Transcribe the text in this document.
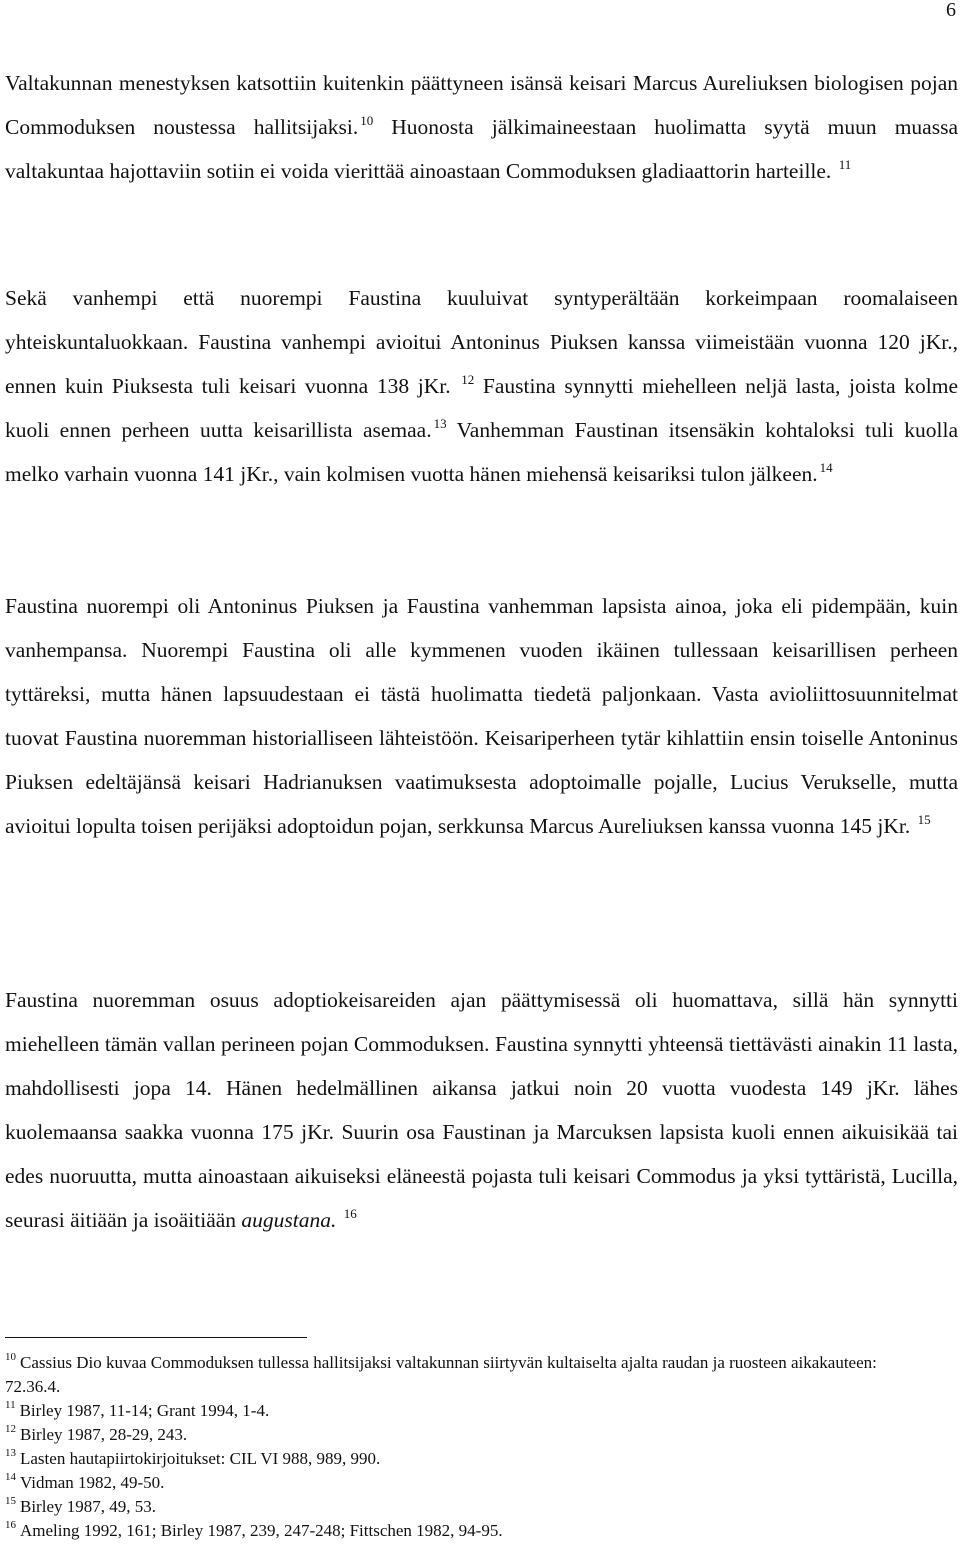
6

Valtakunnan menestyksen katsottiin kuitenkin päättyneen isänsä keisari Marcus Aureliuksen biologisen pojan Commoduksen noustessa hallitsijaksi. $^{10}$ Huonosta jälkimaineestaan huolimatta syytä muun muassa valtakuntaa hajottaviin sotiin ei voida vierittää ainoastaan Commoduksen gladiaattorin harteille. $^{11}$

Sekä vanhempi että nuorempi Faustina kuuluivat syntyperältään korkeimpaan roomalaiseen yhteiskuntaluokkaan. Faustina vanhempi avioitui Antoninus Piuksen kanssa viimeistään vuonna 120 jKr., ennen kuin Piuksesta tuli keisari vuonna 138 jKr. $^{12}$ Faustina synnytti miehelleen neljä lasta, joista kolme kuoli ennen perheen uutta keisarillista asemaa. $^{13}$ Vanhemman Faustinan itsensäkin kohtaloksi tuli kuolla melko varhain vuonna 141 jKr., vain kolmisen vuotta hänen miehensä keisariksi tulon jälkeen. $^{14}$

Faustina nuorempi oli Antoninus Piuksen ja Faustina vanhemman lapsista ainoa, joka eli pidempään, kuin vanhempansa. Nuorempi Faustina oli alle kymmenen vuoden ikäinen tullessaan keisarillisen perheen tyttäreksi, mutta hänen lapsuudestaan ei tästä huolimatta tiedetä paljonkaan. Vasta avioliittosuunnitelmat tuovat Faustina nuoremman historialliseen lähteistöön. Keisariperheen tytär kihlattiin ensin toiselle Antoninus Piuksen edeltäjänsä keisari Hadrianuksen vaatimuksesta adoptoimalle pojalle, Lucius Verukselle, mutta avioitui lopulta toisen perijäksi adoptoidun pojan, serkkunsa Marcus Aureliuksen kanssa vuonna 145 jKr. $^{15}$

Faustina nuoremman osuus adoptiokeisareiden ajan päättymisessä oli huomattava, sillä hän synnytti miehelleen tämän vallan perineen pojan Commoduksen. Faustina synnytti yhteensä tiettävästi ainakin 11 lasta, mahdollisesti jopa 14. Hänen hedelmällinen aikansa jatkui noin 20 vuotta vuodesta 149 jKr. lähes kuolemaansa saakka vuonna 175 jKr. Suurin osa Faustinan ja Marcuksen lapsista kuoli ennen aikuisikää tai edes nuoruutta, mutta ainoastaan aikuiseksi eläneestä pojasta tuli keisari Commodus ja yksi tyttäristä, Lucilla, seurasi äitiään ja isoäitiään augustana. $^{16}$

$^{10}$ Cassius Dio kuvaa Commoduksen tullessa hallitsijaksi valtakunnan siirtyvän kultaiselta ajalta raudan ja ruosteen aikakauteen: 72.36.4.

$^{11}$ Birley 1987, 11-14; Grant 1994, 1-4.

$^{12}$ Birley 1987, 28-29, 243.

$^{13}$ Lasten hautapiirtokirjoitukset: CIL VI 988, 989, 990.

$^{14}$ Vidman 1982, 49-50.

$^{15}$ Birley 1987, 49, 53.

$^{16}$ Ameling 1992, 161; Birley 1987, 239, 247-248; Fittschen 1982, 94-95.
